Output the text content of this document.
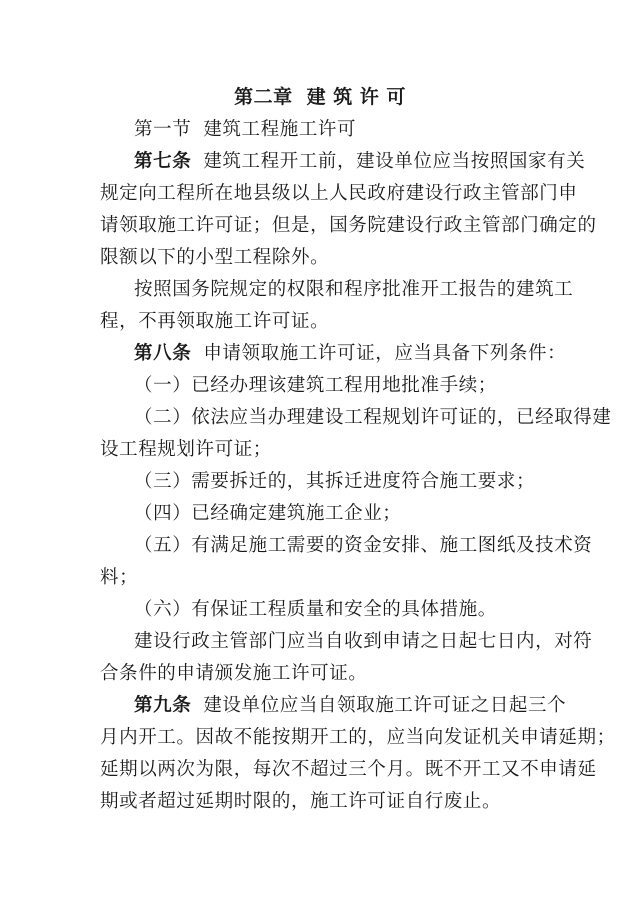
第二章 建 筑 许 可
第一节 建筑工程施工许可
第七条 建筑工程开工前，建设单位应当按照国家有关
规定向工程所在地县级以上人民政府建设行政主管部门申
请领取施工许可证；但是，国务院建设行政主管部门确定的
限额以下的小型工程除外。
按照国务院规定的权限和程序批准开工报告的建筑工
程，不再领取施工许可证。
第八条 申请领取施工许可证，应当具备下列条件：
（一）已经办理该建筑工程用地批准手续；
（二）依法应当办理建设工程规划许可证的，已经取得建
设工程规划许可证；
（三）需要拆迁的，其拆迁进度符合施工要求；
（四）已经确定建筑施工企业；
（五）有满足施工需要的资金安排、施工图纸及技术资
料；
（六）有保证工程质量和安全的具体措施。
建设行政主管部门应当自收到申请之日起七日内，对符
合条件的申请颁发施工许可证。
第九条 建设单位应当自领取施工许可证之日起三个
月内开工。因故不能按期开工的，应当向发证机关申请延期；
延期以两次为限，每次不超过三个月。既不开工又不申请延
期或者超过延期时限的，施工许可证自行废止。
